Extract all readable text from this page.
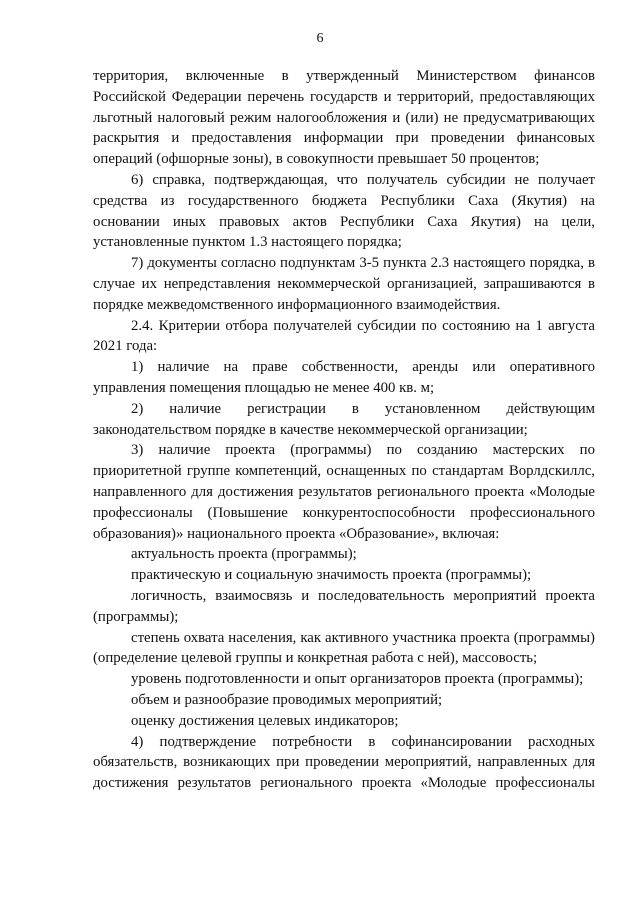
6

территория, включенные в утвержденный Министерством финансов Российской Федерации перечень государств и территорий, предоставляющих льготный налоговый режим налогообложения и (или) не предусматривающих раскрытия и предоставления информации при проведении финансовых операций (офшорные зоны), в совокупности превышает 50 процентов;

6) справка, подтверждающая, что получатель субсидии не получает средства из государственного бюджета Республики Саха (Якутия) на основании иных правовых актов Республики Саха Якутия) на цели, установленные пунктом 1.3 настоящего порядка;

7) документы согласно подпунктам 3-5 пункта 2.3 настоящего порядка, в случае их непредставления некоммерческой организацией, запрашиваются в порядке межведомственного информационного взаимодействия.

2.4. Критерии отбора получателей субсидии по состоянию на 1 августа 2021 года:

1) наличие на праве собственности, аренды или оперативного управления помещения площадью не менее 400 кв. м;

2) наличие регистрации в установленном действующим законодательством порядке в качестве некоммерческой организации;

3) наличие проекта (программы) по созданию мастерских по приоритетной группе компетенций, оснащенных по стандартам Ворлдскиллс, направленного для достижения результатов регионального проекта «Молодые профессионалы (Повышение конкурентоспособности профессионального образования)» национального проекта «Образование», включая:

актуальность проекта (программы);

практическую и социальную значимость проекта (программы);

логичность, взаимосвязь и последовательность мероприятий проекта (программы);

степень охвата населения, как активного участника проекта (программы) (определение целевой группы и конкретная работа с ней), массовость;

уровень подготовленности и опыт организаторов проекта (программы);

объем и разнообразие проводимых мероприятий;

оценку достижения целевых индикаторов;

4) подтверждение потребности в софинансировании расходных обязательств, возникающих при проведении мероприятий, направленных для достижения результатов регионального проекта «Молодые профессионалы
